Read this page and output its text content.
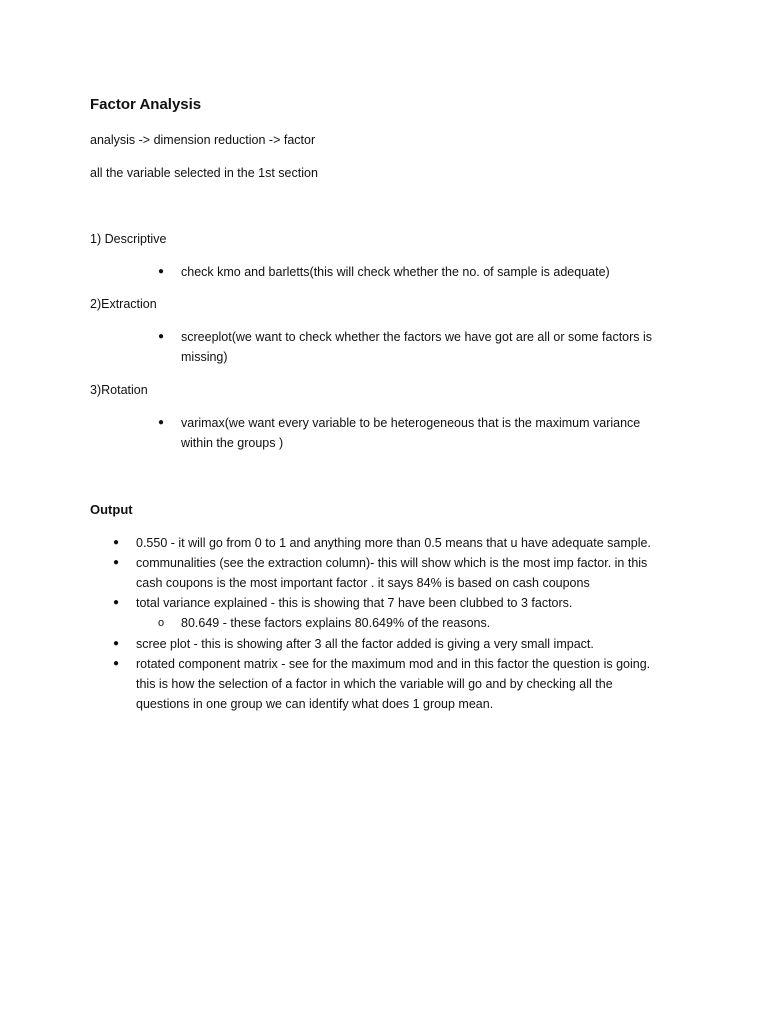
Factor Analysis
analysis -> dimension reduction -> factor
all the variable selected in the 1st section
1) Descriptive
● check kmo and barletts(this will check whether the no. of sample is adequate)
2)Extraction
● screeplot(we want to check whether the factors we have got are all or some factors is
missing)
3)Rotation
● varimax(we want every variable to be heterogeneous that is the maximum variance
within the groups )
Output
● 0.550 - it will go from 0 to 1 and anything more than 0.5 means that u have adequate sample.
● communalities (see the extraction column)- this will show which is the most imp factor. in this
cash coupons is the most important factor . it says 84% is based on cash coupons
● total variance explained - this is showing that 7 have been clubbed to 3 factors.
o 80.649 - these factors explains 80.649% of the reasons.
● scree plot - this is showing after 3 all the factor added is giving a very small impact.
● rotated component matrix - see for the maximum mod and in this factor the question is going.
this is how the selection of a factor in which the variable will go and by checking all the
questions in one group we can identify what does 1 group mean.
